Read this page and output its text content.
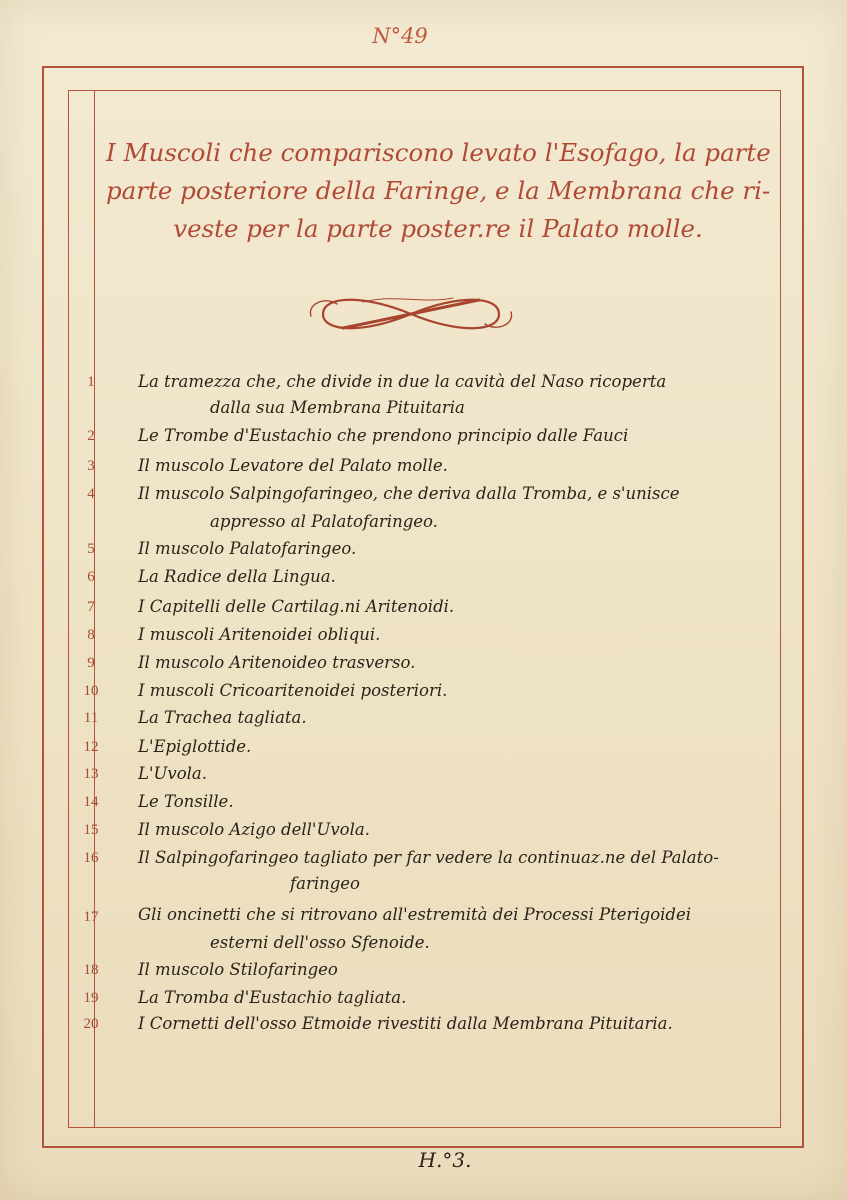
N°49
I Muscoli che compariscono levato l'Esofago, la parte
parte posteriore della Faringe, e la Membrana che ri-
veste per la parte poster.re il Palato molle.
1
2
3
4
5
6
7
8
9
10
11
12
13
14
15
16
17
18
19
20
La tramezza che, che divide in due la cavità del Naso ricoperta
dalla sua Membrana Pituitaria
Le Trombe d'Eustachio che prendono principio dalle Fauci
Il muscolo Levatore del Palato molle.
Il muscolo Salpingofaringeo, che deriva dalla Tromba, e s'unisce
appresso al Palatofaringeo.
Il muscolo Palatofaringeo.
La Radice della Lingua.
I Capitelli delle Cartilag.ni Aritenoidi.
I muscoli Aritenoidei obliqui.
Il muscolo Aritenoideo trasverso.
I muscoli Cricoaritenoidei posteriori.
La Trachea tagliata.
L'Epiglottide.
L'Uvola.
Le Tonsille.
Il muscolo Azigo dell'Uvola.
Il Salpingofaringeo tagliato per far vedere la continuaz.ne del Palato-
faringeo
Gli oncinetti che si ritrovano all'estremità dei Processi Pterigoidei
esterni dell'osso Sfenoide.
Il muscolo Stilofaringeo
La Tromba d'Eustachio tagliata.
I Cornetti dell'osso Etmoide rivestiti dalla Membrana Pituitaria.
H.°3.
